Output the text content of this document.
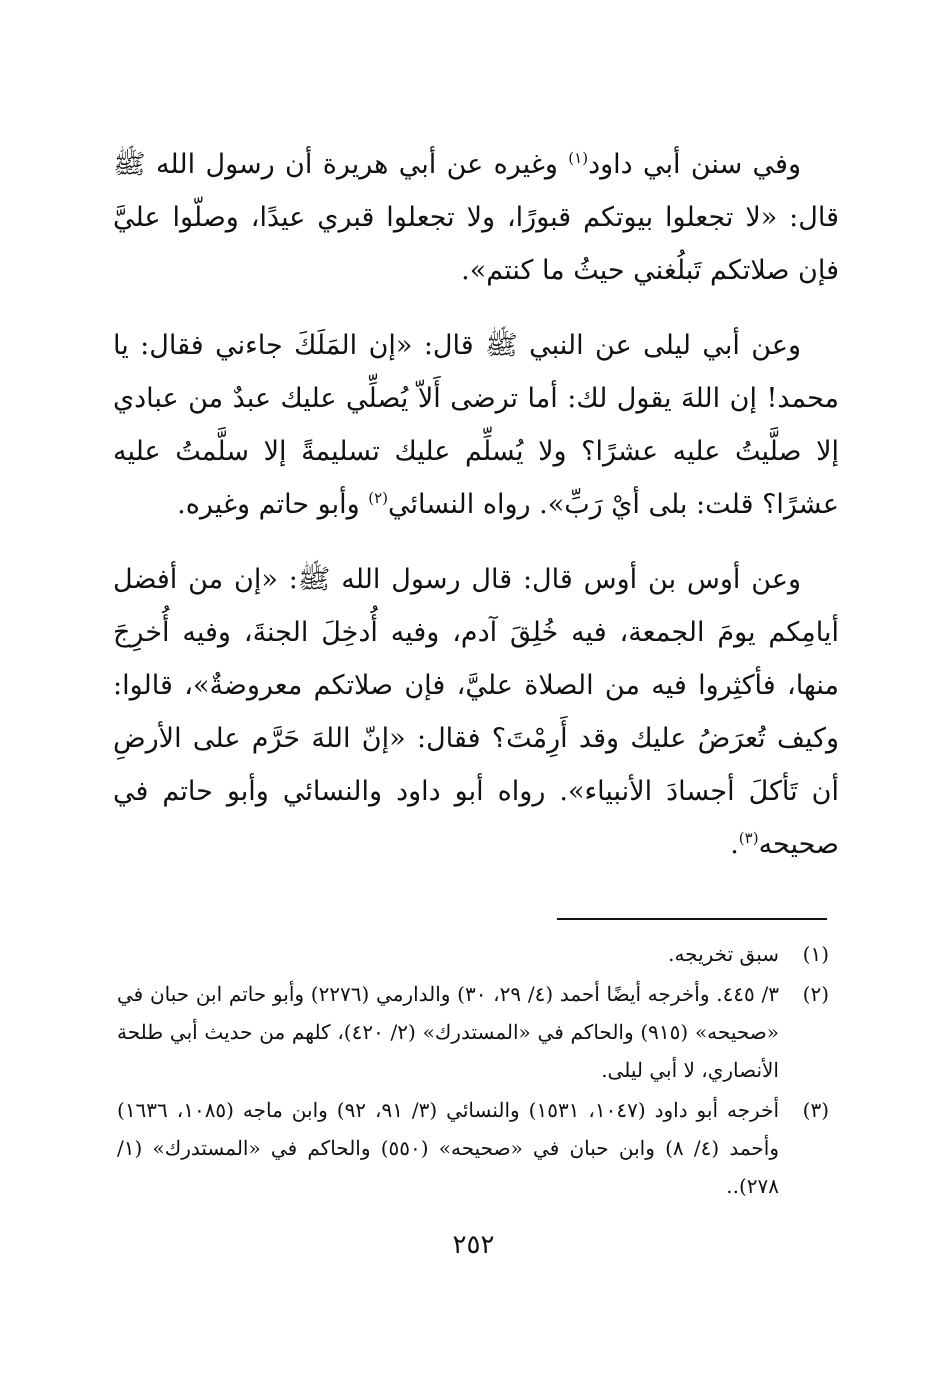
وفي سنن أبي داود$^{(١)}$ وغيره عن أبي هريرة أن رسول الله ﷺ قال: «لا تجعلوا بيوتكم قبورًا، ولا تجعلوا قبري عيدًا، وصلّوا عليَّ فإن صلاتكم تَبلُغني حيثُ ما كنتم».

وعن أبي ليلى عن النبي ﷺ قال: «إن المَلَكَ جاءني فقال: يا محمد! إن اللهَ يقول لك: أما ترضى أَلاّ يُصلِّي عليك عبدٌ من عبادي إلا صلَّيتُ عليه عشرًا؟ ولا يُسلِّم عليك تسليمةً إلا سلَّمتُ عليه عشرًا؟ قلت: بلى أيْ رَبِّ». رواه النسائي$^{(٢)}$ وأبو حاتم وغيره.

وعن أوس بن أوس قال: قال رسول الله ﷺ: «إن من أفضل أيامِكم يومَ الجمعة، فيه خُلِقَ آدم، وفيه أُدخِلَ الجنةَ، وفيه أُخرِجَ منها، فأكثِروا فيه من الصلاة عليَّ، فإن صلاتكم معروضةٌ»، قالوا: وكيف تُعرَضُ عليك وقد أَرِمْتَ؟ فقال: «إنّ اللهَ حَرَّم على الأرضِ أن تَأكلَ أجسادَ الأنبياء». رواه أبو داود والنسائي وأبو حاتم في صحيحه$^{(٣)}$.

(١)
سبق تخريجه.
(٢)
٣/ ٤٤٥. وأخرجه أيضًا أحمد (٤/ ٢٩، ٣٠) والدارمي (٢٢٧٦) وأبو حاتم ابن حبان في «صحيحه» (٩١٥) والحاكم في «المستدرك» (٢/ ٤٢٠)، كلهم من حديث أبي طلحة الأنصاري، لا أبي ليلى.
(٣)
أخرجه أبو داود (١٠٤٧، ١٥٣١) والنسائي (٣/ ٩١، ٩٢) وابن ماجه (١٠٨٥، ١٦٣٦) وأحمد (٤/ ٨) وابن حبان في «صحيحه» (٥٥٠) والحاكم في «المستدرك» (١/ ٢٧٨)..
٢٥٢
